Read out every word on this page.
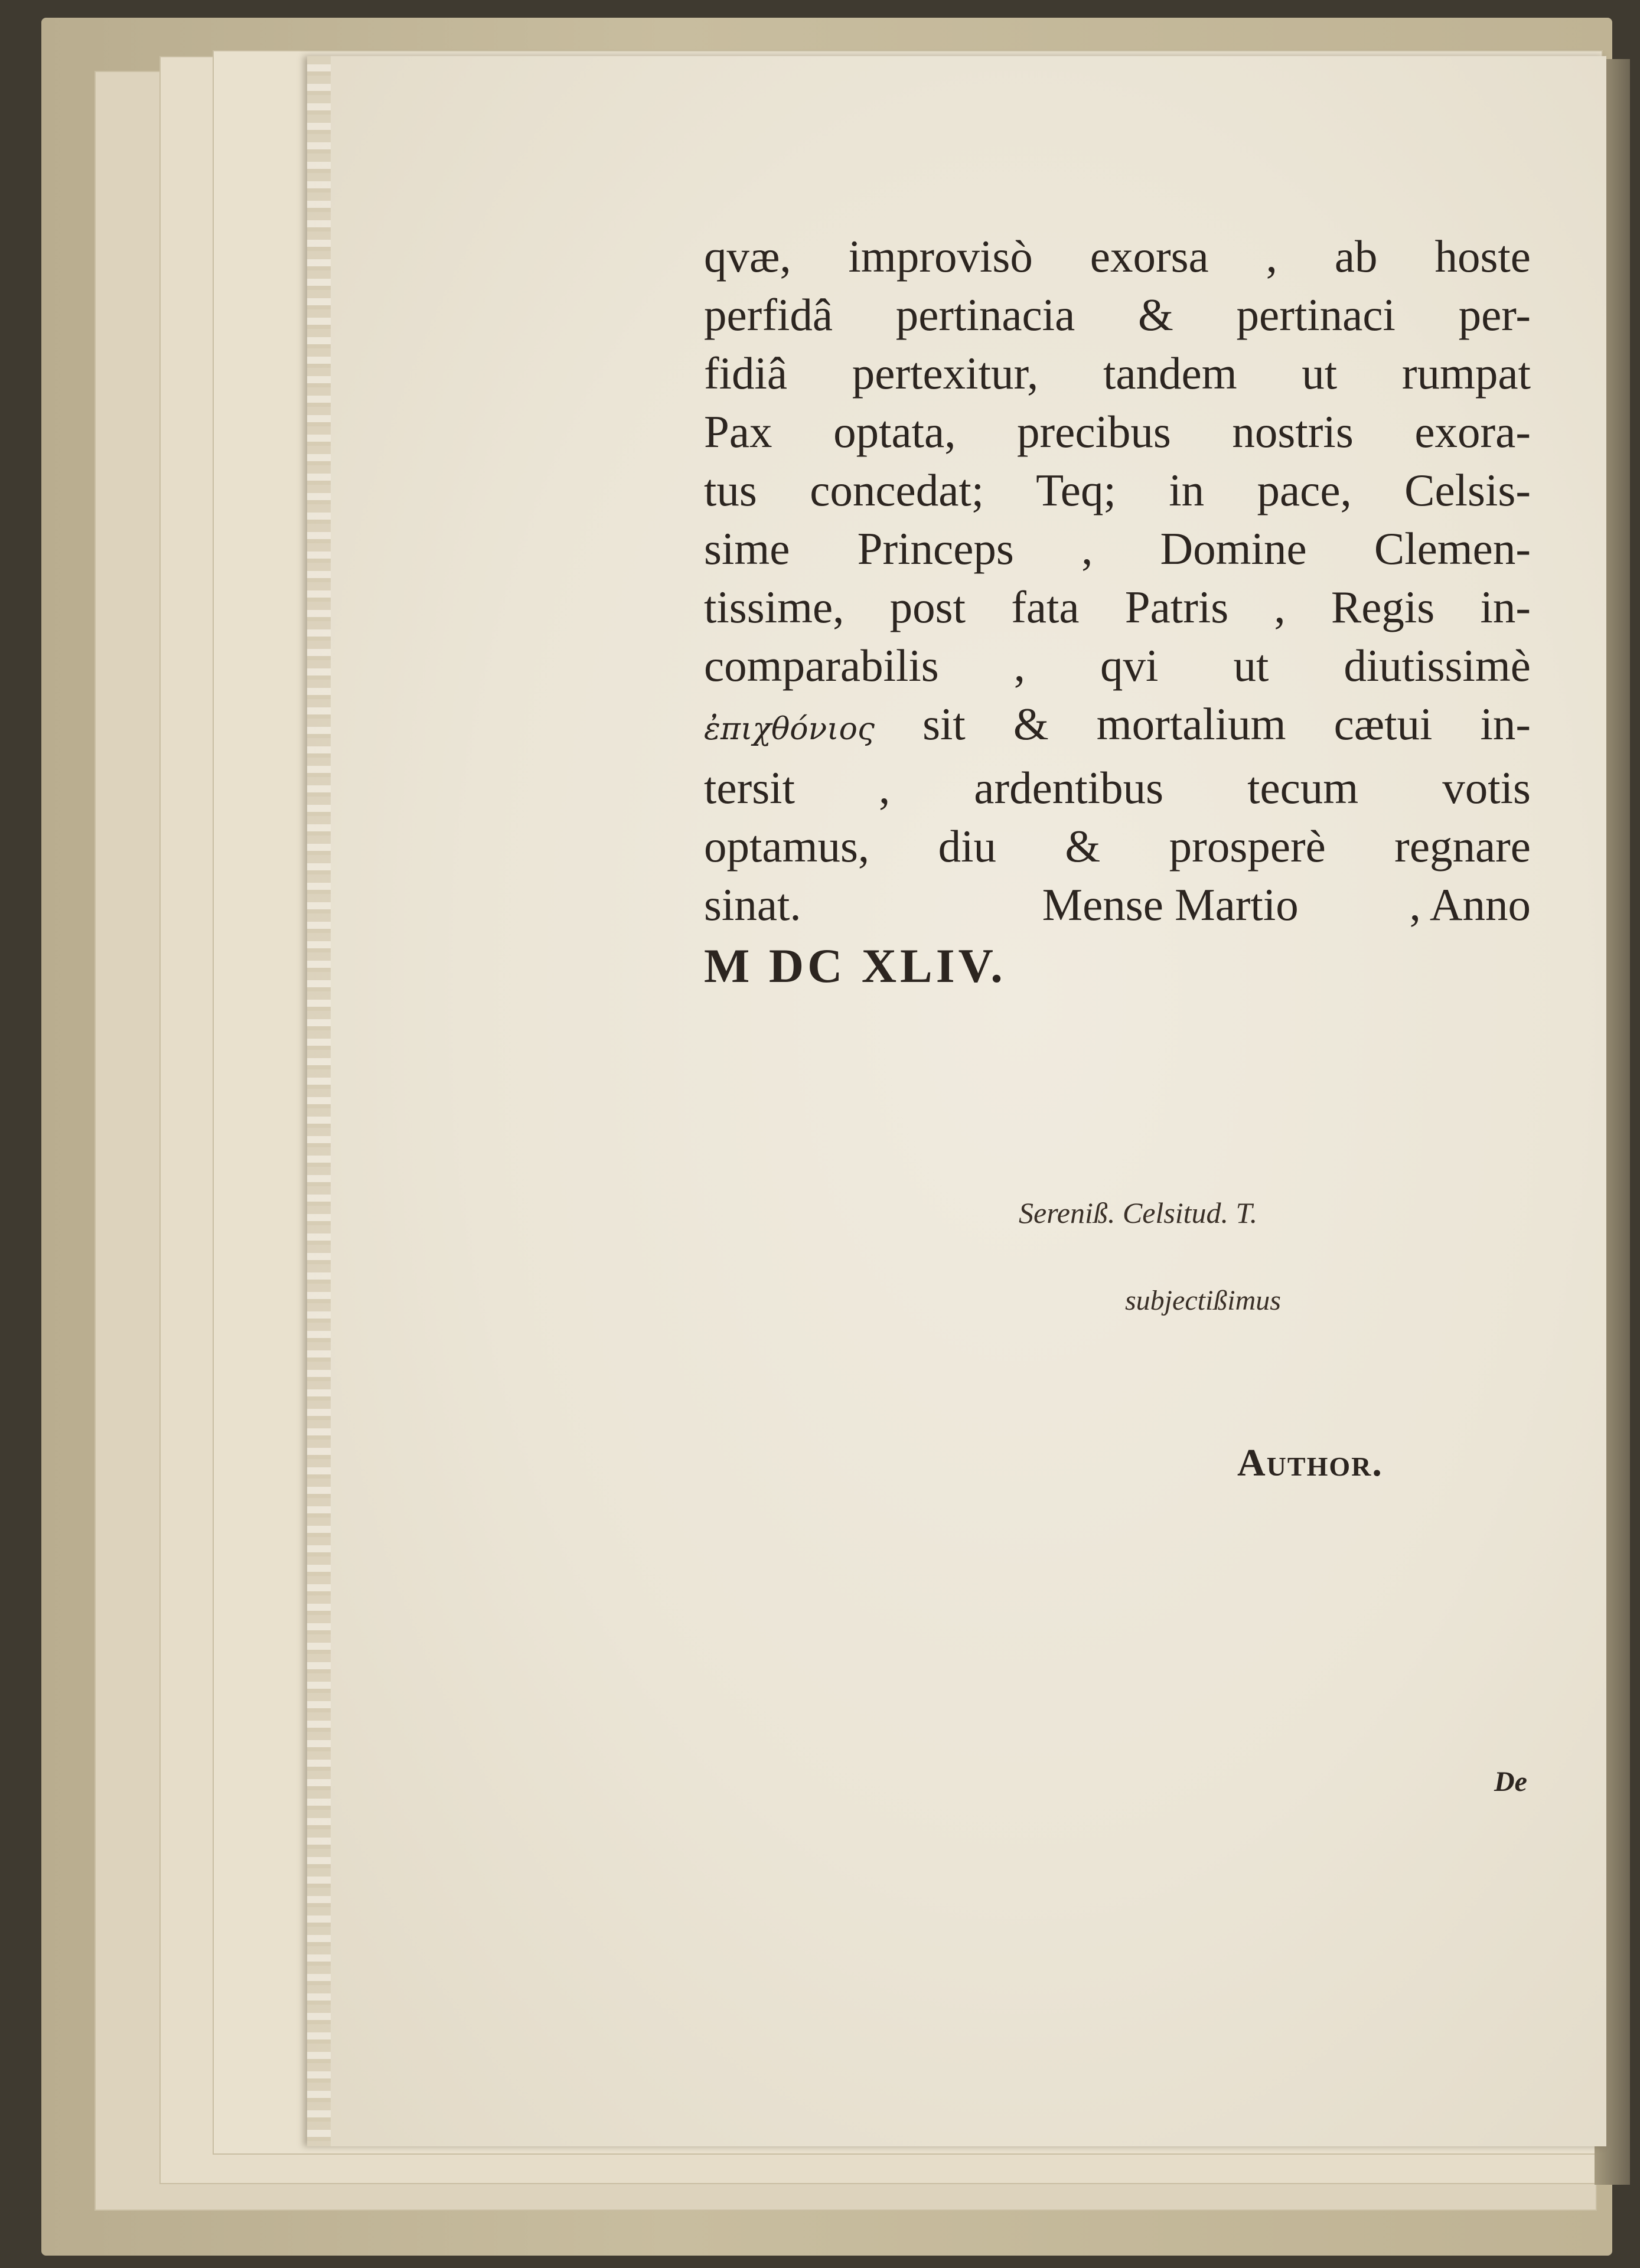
qvæ, improvisò exorsa , ab hoste
perfidâ pertinacia & pertinaci per-
fidiâ pertexitur, tandem ut rumpat
Pax optata, precibus nostris exora-
tus concedat; Teq; in pace, Celsis-
sime Princeps , Domine Clemen-
tissime, post fata Patris , Regis in-
comparabilis , qvi ut diutissimè
ἐπιχθόνιος sit & mortalium cætui in-
tersit , ardentibus tecum votis
optamus, diu & prosperè regnare
sinat.	Mense Martio , Anno
M DC XLIV.

Sereniß. Celsitud. T.
subjectißimus
Author.
De
